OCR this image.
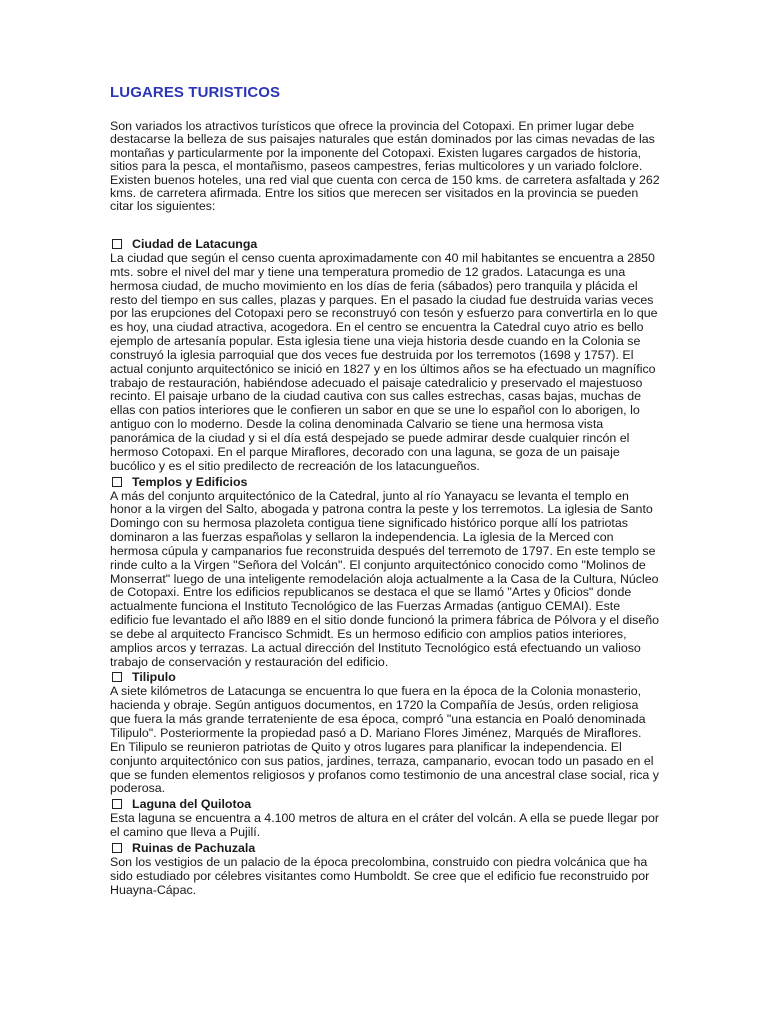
LUGARES TURISTICOS

Son variados los atractivos turísticos que ofrece la provincia del Cotopaxi. En primer lugar debe destacarse la belleza de sus paisajes naturales que están dominados por las cimas nevadas de las montañas y particularmente por la imponente del Cotopaxi. Existen lugares cargados de historia, sitios para la pesca, el montañismo, paseos campestres, ferias multicolores y un variado folclore. Existen buenos hoteles, una red vial que cuenta con cerca de 150 kms. de carretera asfaltada y 262 kms. de carretera afirmada. Entre los sitios que merecen ser visitados en la provincia se pueden citar los siguientes:

Ciudad de Latacunga

La ciudad que según el censo cuenta aproximadamente con 40 mil habitantes se encuentra a 2850 mts. sobre el nivel del mar y tiene una temperatura promedio de 12 grados. Latacunga es una hermosa ciudad, de mucho movimiento en los días de feria (sábados) pero tranquila y plácida el resto del tiempo en sus calles, plazas y parques. En el pasado la ciudad fue destruida varias veces por las erupciones del Cotopaxi pero se reconstruyó con tesón y esfuerzo para convertirla en lo que es hoy, una ciudad atractiva, acogedora. En el centro se encuentra la Catedral cuyo atrio es bello ejemplo de artesanía popular. Esta iglesia tiene una vieja historia desde cuando en la Colonia se construyó la iglesia parroquial que dos veces fue destruida por los terremotos (1698 y 1757). El actual conjunto arquitectónico se inició en 1827 y en los últimos años se ha efectuado un magnífico trabajo de restauración, habiéndose adecuado el paisaje catedralicio y preservado el majestuoso recinto. El paisaje urbano de la ciudad cautiva con sus calles estrechas, casas bajas, muchas de ellas con patios interiores que le confieren un sabor en que se une lo español con lo aborigen, lo antiguo con lo moderno. Desde la colina denominada Calvario se tiene una hermosa vista panorámica de la ciudad y si el día está despejado se puede admirar desde cualquier rincón el hermoso Cotopaxi. En el parque Miraflores, decorado con una laguna, se goza de un paisaje bucólico y es el sitio predilecto de recreación de los latacungueños.

Templos y Edificios

A más del conjunto arquitectónico de la Catedral, junto al río Yanayacu se levanta el templo en honor a la virgen del Salto, abogada y patrona contra la peste y los terremotos. La iglesia de Santo Domingo con su hermosa plazoleta contigua tiene significado histórico porque allí los patriotas dominaron a las fuerzas españolas y sellaron la independencia. La iglesia de la Merced con hermosa cúpula y campanarios fue reconstruida después del terremoto de 1797. En este templo se rinde culto a la Virgen "Señora del Volcán". El conjunto arquitectónico conocido como "Molinos de Monserrat" luego de una inteligente remodelación aloja actualmente a la Casa de la Cultura, Núcleo de Cotopaxi. Entre los edificios republicanos se destaca el que se llamó "Artes y 0ficios" donde actualmente funciona el Instituto Tecnológico de las Fuerzas Armadas (antiguo CEMAI). Este edificio fue levantado el año l889 en el sitio donde funcionó la primera fábrica de Pólvora y el diseño se debe al arquitecto Francisco Schmidt. Es un hermoso edificio con amplios patios interiores, amplios arcos y terrazas. La actual dirección del Instituto Tecnológico está efectuando un valioso trabajo de conservación y restauración del edificio.

Tilipulo

A siete kilómetros de Latacunga se encuentra lo que fuera en la época de la Colonia monasterio, hacienda y obraje. Según antiguos documentos, en 1720 la Compañía de Jesús, orden religiosa que fuera la más grande terrateniente de esa época, compró "una estancia en Poaló denominada Tilipulo". Posteriormente la propiedad pasó a D. Mariano Flores Jiménez, Marqués de Miraflores. En Tilipulo se reunieron patriotas de Quito y otros lugares para planificar la independencia. El conjunto arquitectónico con sus patios, jardines, terraza, campanario, evocan todo un pasado en el que se funden elementos religiosos y profanos como testimonio de una ancestral clase social, rica y poderosa.

Laguna del Quilotoa

Esta laguna se encuentra a 4.100 metros de altura en el cráter del volcán. A ella se puede llegar por el camino que lleva a Pujilí.

Ruinas de Pachuzala

Son los vestigios de un palacio de la época precolombina, construido con piedra volcánica que ha sido estudiado por célebres visitantes como Humboldt. Se cree que el edificio fue reconstruido por Huayna-Cápac.
